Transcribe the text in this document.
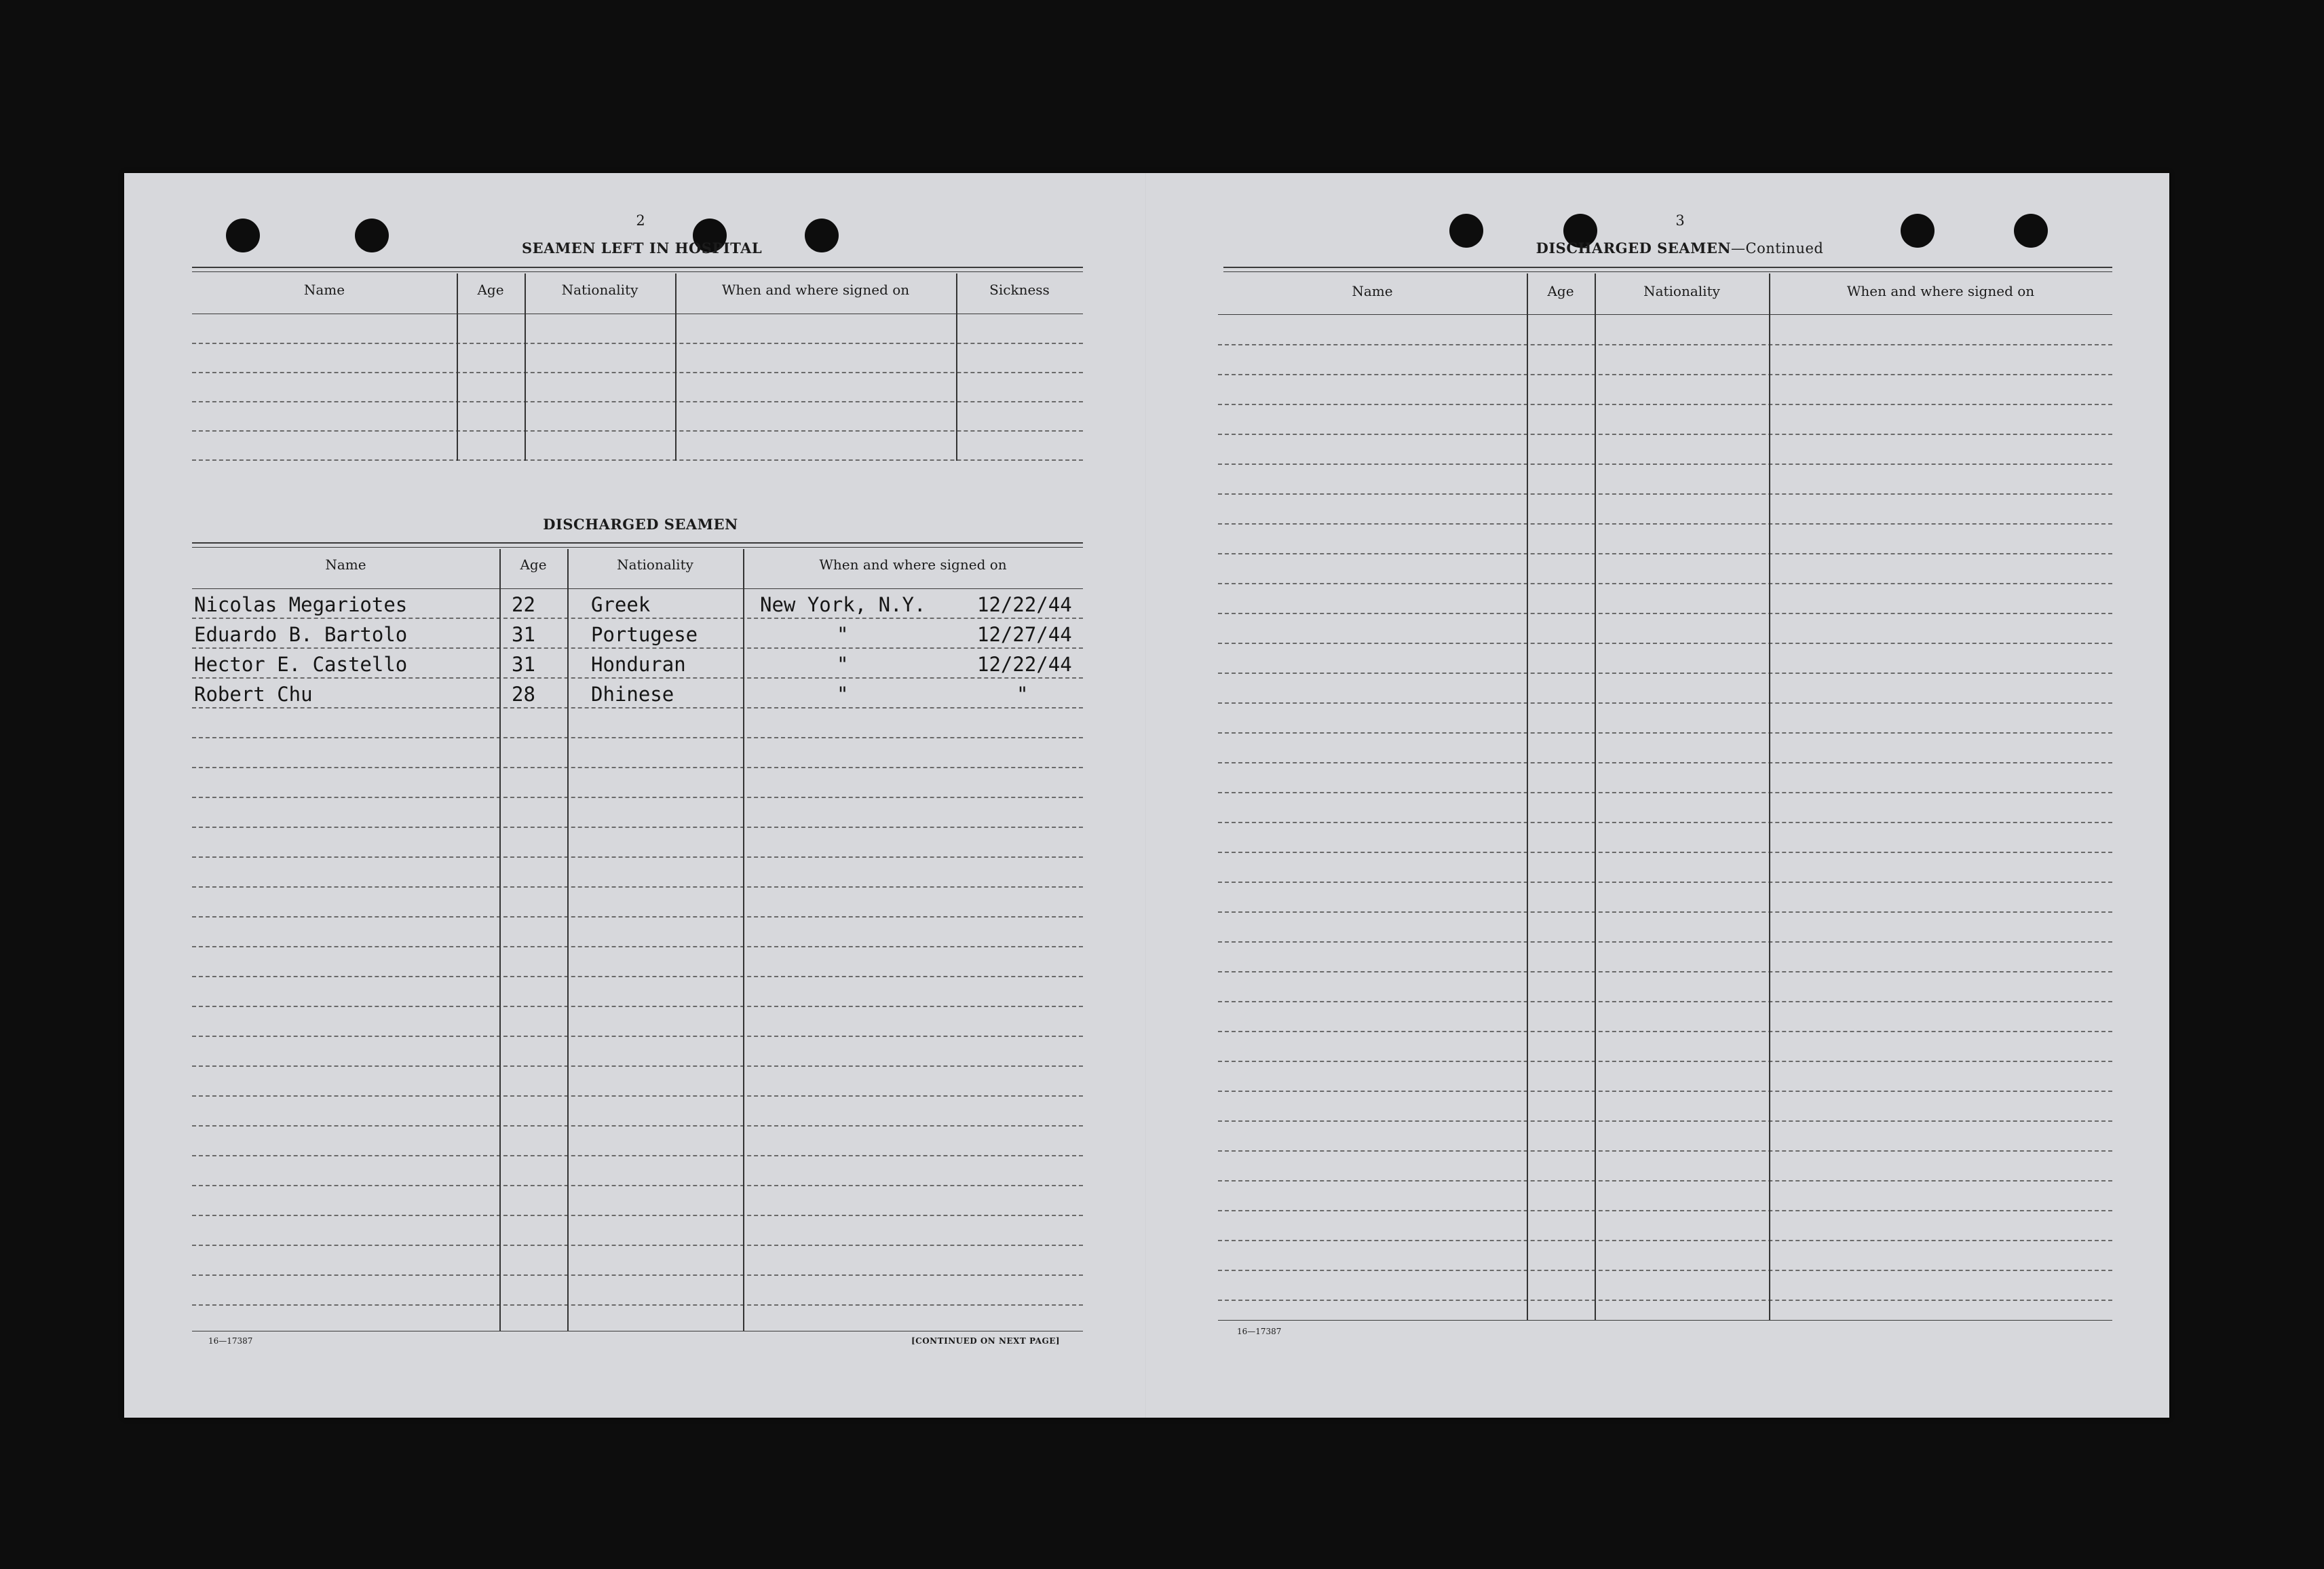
2
SEAMEN LEFT IN HOSPITAL
Name	Age	Nationality	When and where signed on	Sickness
DISCHARGED SEAMEN
Name	Age	Nationality	When and where signed on
Nicolas Megariotes	22	Greek	New York, N.Y.	12/22/44
Eduardo B. Bartolo	31	Portugese	"	12/27/44
Hector E. Castello	31	Honduran	"	12/22/44
Robert Chu	28	Dhinese	"	"
16—17387	[CONTINUED ON NEXT PAGE]
3
DISCHARGED SEAMEN—Continued
Name	Age	Nationality	When and where signed on
16—17387
